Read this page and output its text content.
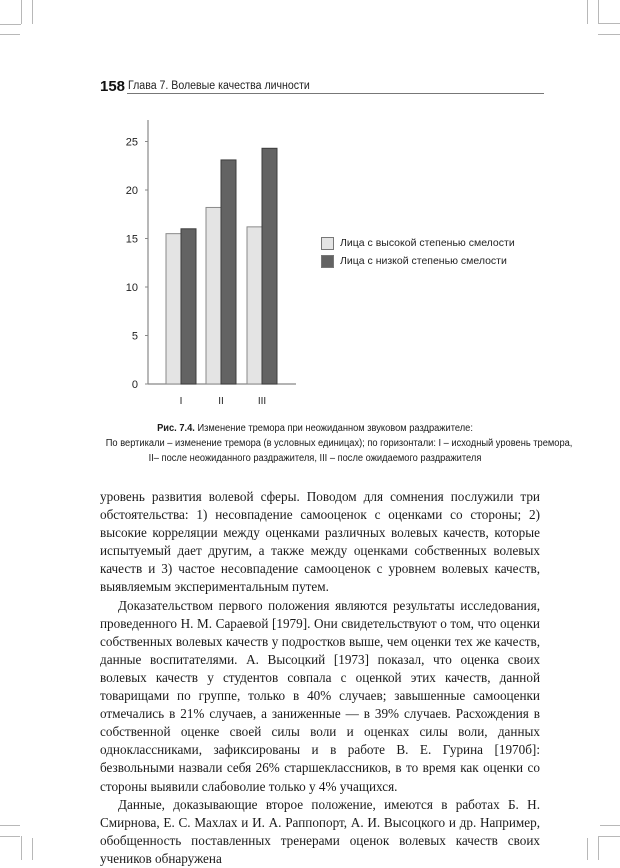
158 Глава 7. Волевые качества личности
0
5
10
15
20
25
I	II	III
Лица с высокой степенью смелости
Лица с низкой степенью смелости
Рис. 7.4. Изменение тремора при неожиданном звуковом раздражителе:
По вертикали – изменение тремора (в условных единицах); по горизонтали: I – исходный уровень тремора,
II– после неожиданного раздражителя, III – после ожидаемого раздражителя

уровень развития волевой сферы. Поводом для сомнения послужили три обстоятельства: 1) несовпадение самооценок с оценками со стороны; 2) высокие корреляции между оценками различных волевых качеств, которые испытуемый дает другим, а также между оценками собственных волевых качеств и 3) частое несовпадение самооценок с уровнем волевых качеств, выявляемым экспериментальным путем.

Доказательством первого положения являются результаты исследования, проведенного Н. М. Сараевой [1979]. Они свидетельствуют о том, что оценки собственных волевых качеств у подростков выше, чем оценки тех же качеств, данные воспитателями. А. Высоцкий [1973] показал, что оценка своих волевых качеств у студентов совпала с оценкой этих качеств, данной товарищами по группе, только в 40% случаев; завышенные самооценки отмечались в 21% случаев, а заниженные — в 39% случаев. Расхождения в собственной оценке своей силы воли и оценках силы воли, данных одноклассниками, зафиксированы и в работе В. Е. Гурина [1970б]: безвольными назвали себя 26% старшеклассников, в то время как оценки со стороны выявили слабоволие только у 4% учащихся.

Данные, доказывающие второе положение, имеются в работах Б. Н. Смирнова, Е. С. Махлах и И. А. Раппопорт, А. И. Высоцкого и др. Например, обобщенность поставленных тренерами оценок волевых качеств своих учеников обнаружена
